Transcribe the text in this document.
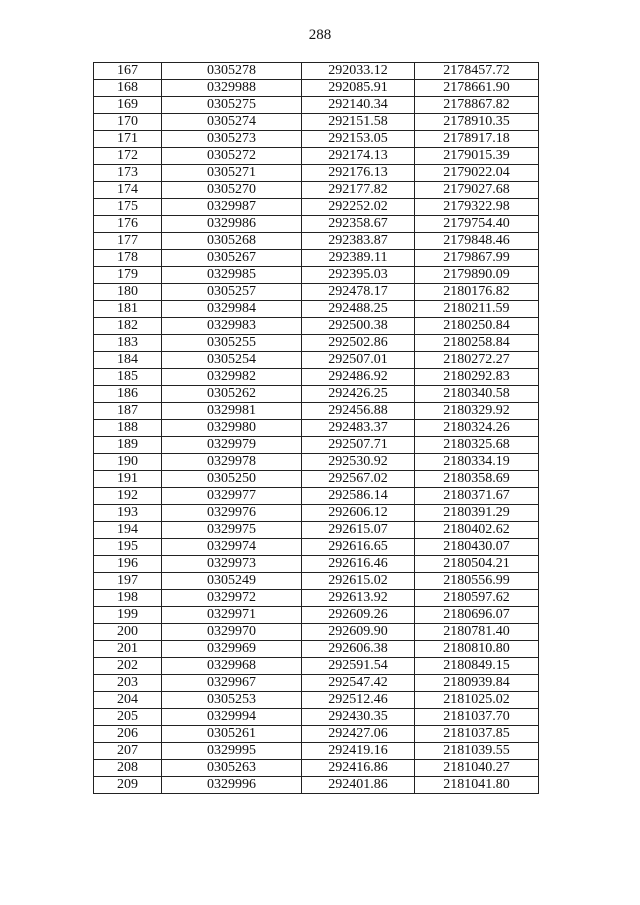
288
167	0305278	292033.12	2178457.72
168	0329988	292085.91	2178661.90
169	0305275	292140.34	2178867.82
170	0305274	292151.58	2178910.35
171	0305273	292153.05	2178917.18
172	0305272	292174.13	2179015.39
173	0305271	292176.13	2179022.04
174	0305270	292177.82	2179027.68
175	0329987	292252.02	2179322.98
176	0329986	292358.67	2179754.40
177	0305268	292383.87	2179848.46
178	0305267	292389.11	2179867.99
179	0329985	292395.03	2179890.09
180	0305257	292478.17	2180176.82
181	0329984	292488.25	2180211.59
182	0329983	292500.38	2180250.84
183	0305255	292502.86	2180258.84
184	0305254	292507.01	2180272.27
185	0329982	292486.92	2180292.83
186	0305262	292426.25	2180340.58
187	0329981	292456.88	2180329.92
188	0329980	292483.37	2180324.26
189	0329979	292507.71	2180325.68
190	0329978	292530.92	2180334.19
191	0305250	292567.02	2180358.69
192	0329977	292586.14	2180371.67
193	0329976	292606.12	2180391.29
194	0329975	292615.07	2180402.62
195	0329974	292616.65	2180430.07
196	0329973	292616.46	2180504.21
197	0305249	292615.02	2180556.99
198	0329972	292613.92	2180597.62
199	0329971	292609.26	2180696.07
200	0329970	292609.90	2180781.40
201	0329969	292606.38	2180810.80
202	0329968	292591.54	2180849.15
203	0329967	292547.42	2180939.84
204	0305253	292512.46	2181025.02
205	0329994	292430.35	2181037.70
206	0305261	292427.06	2181037.85
207	0329995	292419.16	2181039.55
208	0305263	292416.86	2181040.27
209	0329996	292401.86	2181041.80
